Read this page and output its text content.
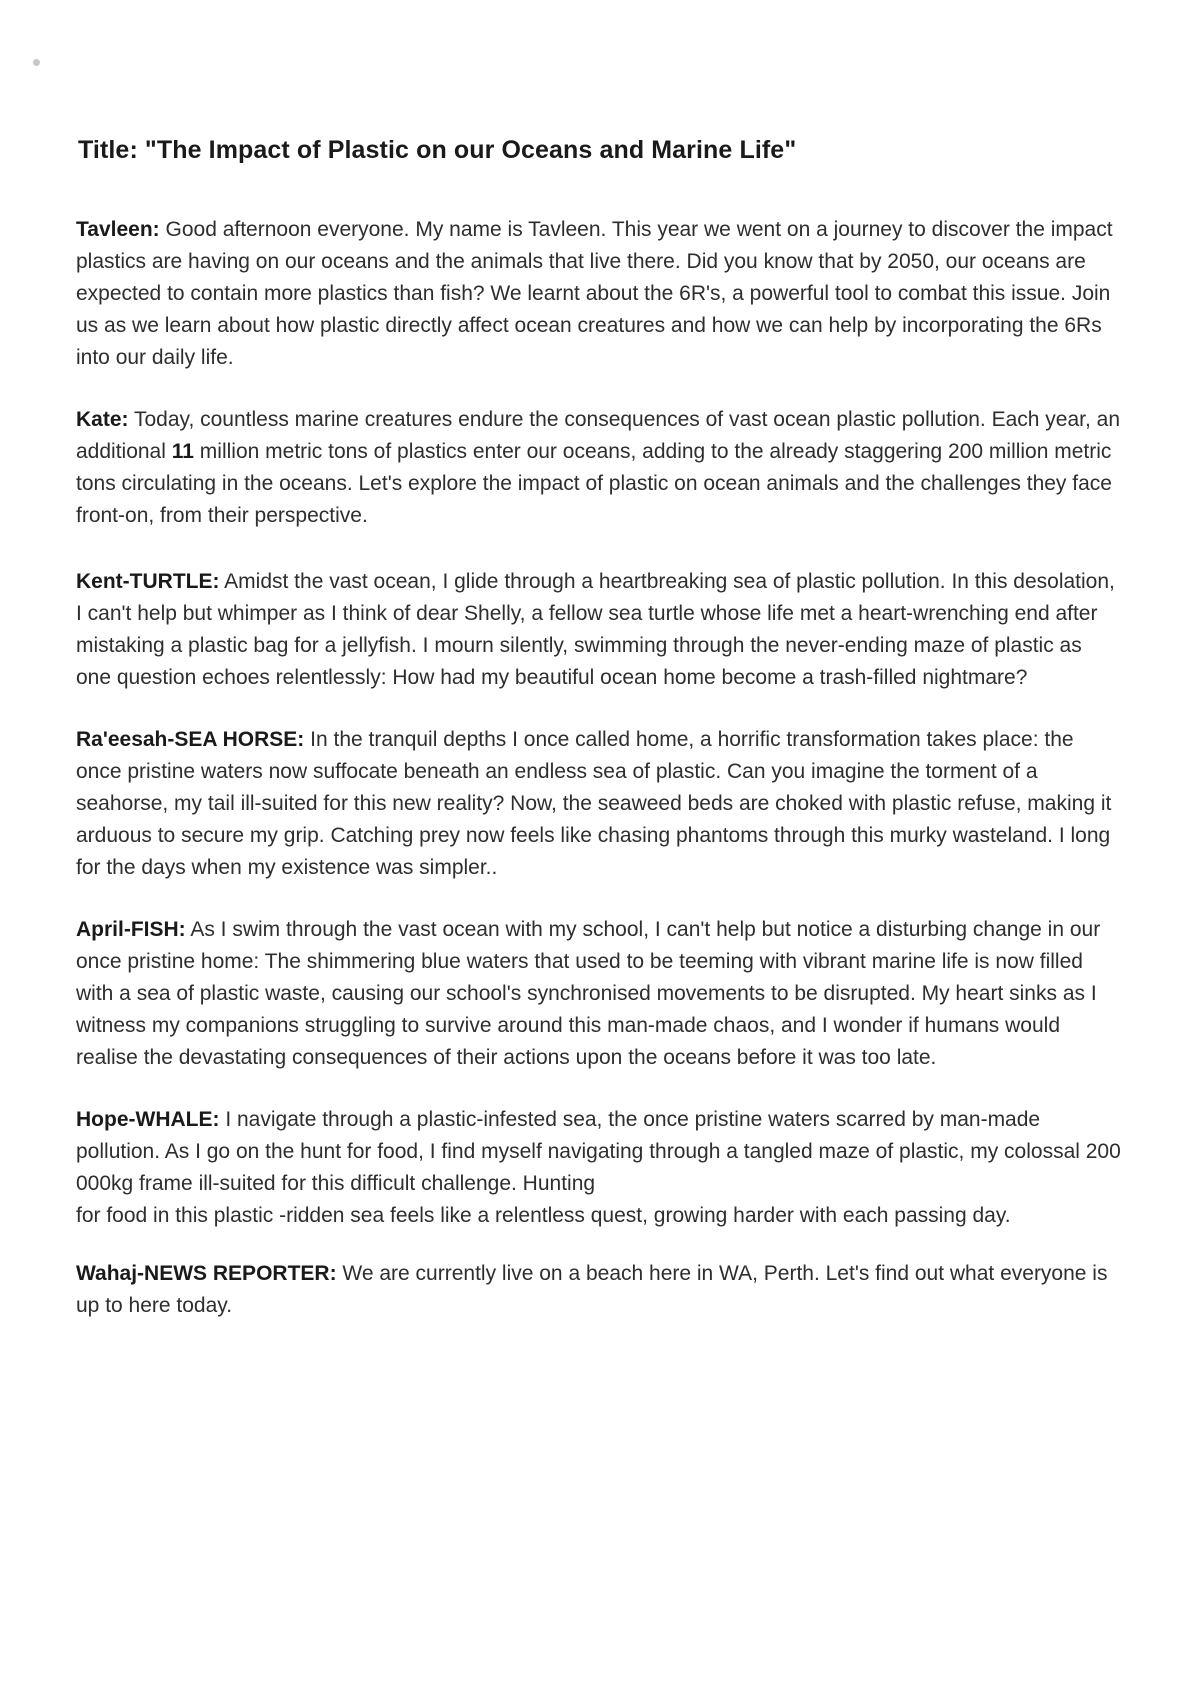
Title: "The Impact of Plastic on our Oceans and Marine Life"

Tavleen: Good afternoon everyone. My name is Tavleen. This year we went on a journey to discover the impact plastics are having on our oceans and the animals that live there. Did you know that by 2050, our oceans are expected to contain more plastics than fish? We learnt about the 6R's, a powerful tool to combat this issue. Join us as we learn about how plastic directly affect ocean creatures and how we can help by incorporating the 6Rs into our daily life.

Kate: Today, countless marine creatures endure the consequences of vast ocean plastic pollution. Each year, an additional 11 million metric tons of plastics enter our oceans, adding to the already staggering 200 million metric tons circulating in the oceans. Let's explore the impact of plastic on ocean animals and the challenges they face front-on, from their perspective.

Kent-TURTLE: Amidst the vast ocean, I glide through a heartbreaking sea of plastic pollution. In this desolation, I can't help but whimper as I think of dear Shelly, a fellow sea turtle whose life met a heart-wrenching end after mistaking a plastic bag for a jellyfish. I mourn silently, swimming through the never-ending maze of plastic as one question echoes relentlessly: How had my beautiful ocean home become a trash-filled nightmare?

Ra'eesah-SEA HORSE: In the tranquil depths I once called home, a horrific transformation takes place: the once pristine waters now suffocate beneath an endless sea of plastic. Can you imagine the torment of a seahorse, my tail ill-suited for this new reality? Now, the seaweed beds are choked with plastic refuse, making it arduous to secure my grip. Catching prey now feels like chasing phantoms through this murky wasteland. I long for the days when my existence was simpler..

April-FISH: As I swim through the vast ocean with my school, I can't help but notice a disturbing change in our once pristine home: The shimmering blue waters that used to be teeming with vibrant marine life is now filled with a sea of plastic waste, causing our school's synchronised movements to be disrupted. My heart sinks as I witness my companions struggling to survive around this man-made chaos, and I wonder if humans would realise the devastating consequences of their actions upon the oceans before it was too late.

Hope-WHALE: I navigate through a plastic-infested sea, the once pristine waters scarred by man-made pollution. As I go on the hunt for food, I find myself navigating through a tangled maze of plastic, my colossal 200 000kg frame ill-suited for this difficult challenge. Hunting
for food in this plastic -ridden sea feels like a relentless quest, growing harder with each passing day.

Wahaj-NEWS REPORTER: We are currently live on a beach here in WA, Perth. Let's find out what everyone is up to here today.
